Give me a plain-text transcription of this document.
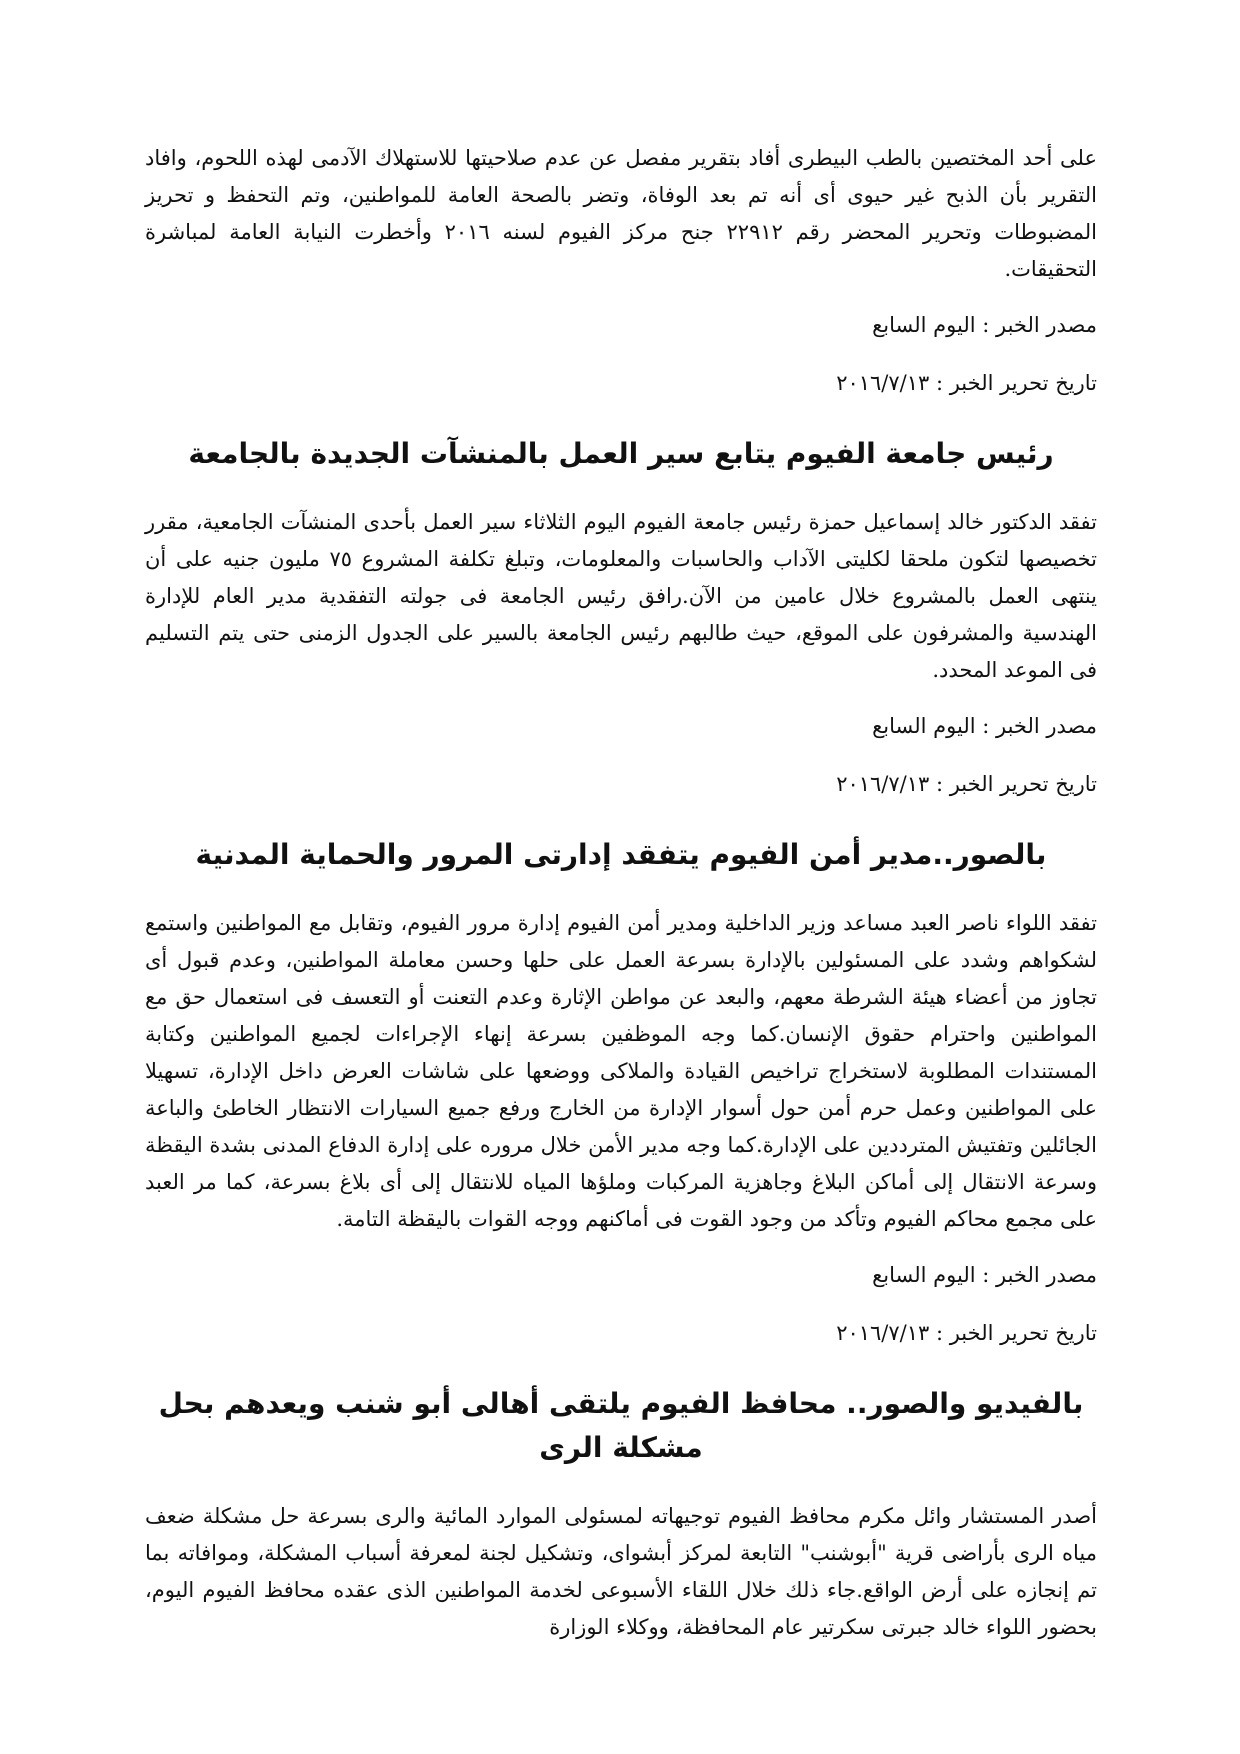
على أحد المختصين بالطب البيطرى أفاد بتقرير مفصل عن عدم صلاحيتها للاستهلاك الآدمى لهذه اللحوم، وافاد التقرير بأن الذبح غير حيوى أى أنه تم بعد الوفاة، وتضر بالصحة العامة للمواطنين، وتم التحفظ و تحريز المضبوطات وتحرير المحضر رقم ٢٢٩١٢ جنح مركز الفيوم لسنه ٢٠١٦ وأخطرت النيابة العامة لمباشرة التحقيقات.

مصدر الخبر : اليوم السابع

تاريخ تحرير الخبر : ٢٠١٦/٧/١٣

رئيس جامعة الفيوم يتابع سير العمل بالمنشآت الجديدة بالجامعة

تفقد الدكتور خالد إسماعيل حمزة رئيس جامعة الفيوم اليوم الثلاثاء سير العمل بأحدى المنشآت الجامعية، مقرر تخصيصها لتكون ملحقا لكليتى الآداب والحاسبات والمعلومات، وتبلغ تكلفة المشروع ٧٥ مليون جنيه على أن ينتهى العمل بالمشروع خلال عامين من الآن.رافق رئيس الجامعة فى جولته التفقدية مدير العام للإدارة الهندسية والمشرفون على الموقع، حيث طالبهم رئيس الجامعة بالسير على الجدول الزمنى حتى يتم التسليم فى الموعد المحدد.

مصدر الخبر : اليوم السابع

تاريخ تحرير الخبر : ٢٠١٦/٧/١٣

بالصور..مدير أمن الفيوم يتفقد إدارتى المرور والحماية المدنية

تفقد اللواء ناصر العبد مساعد وزير الداخلية ومدير أمن الفيوم إدارة مرور الفيوم، وتقابل مع المواطنين واستمع لشكواهم وشدد على المسئولين بالإدارة بسرعة العمل على حلها وحسن معاملة المواطنين، وعدم قبول أى تجاوز من أعضاء هيئة الشرطة معهم، والبعد عن مواطن الإثارة وعدم التعنت أو التعسف فى استعمال حق مع المواطنين واحترام حقوق الإنسان.كما وجه الموظفين بسرعة إنهاء الإجراءات لجميع المواطنين وكتابة المستندات المطلوبة لاستخراج تراخيص القيادة والملاكى ووضعها على شاشات العرض داخل الإدارة، تسهيلا على المواطنين وعمل حرم أمن حول أسوار الإدارة من الخارج ورفع جميع السيارات الانتظار الخاطئ والباعة الجائلين وتفتيش المترددين على الإدارة.كما وجه مدير الأمن خلال مروره على إدارة الدفاع المدنى بشدة اليقظة وسرعة الانتقال إلى أماكن البلاغ وجاهزية المركبات وملؤها المياه للانتقال إلى أى بلاغ بسرعة، كما مر العبد على مجمع محاكم الفيوم وتأكد من وجود القوت فى أماكنهم ووجه القوات باليقظة التامة.

مصدر الخبر : اليوم السابع

تاريخ تحرير الخبر : ٢٠١٦/٧/١٣

بالفيديو والصور.. محافظ الفيوم يلتقى أهالى أبو شنب ويعدهم بحل مشكلة الرى

أصدر المستشار وائل مكرم محافظ الفيوم توجيهاته لمسئولى الموارد المائية والرى بسرعة حل مشكلة ضعف مياه الرى بأراضى قرية "أبوشنب" التابعة لمركز أبشواى، وتشكيل لجنة لمعرفة أسباب المشكلة، وموافاته بما تم إنجازه على أرض الواقع.جاء ذلك خلال اللقاء الأسبوعى لخدمة المواطنين الذى عقده محافظ الفيوم اليوم، بحضور اللواء خالد جبرتى سكرتير عام المحافظة، ووكلاء الوزارة
